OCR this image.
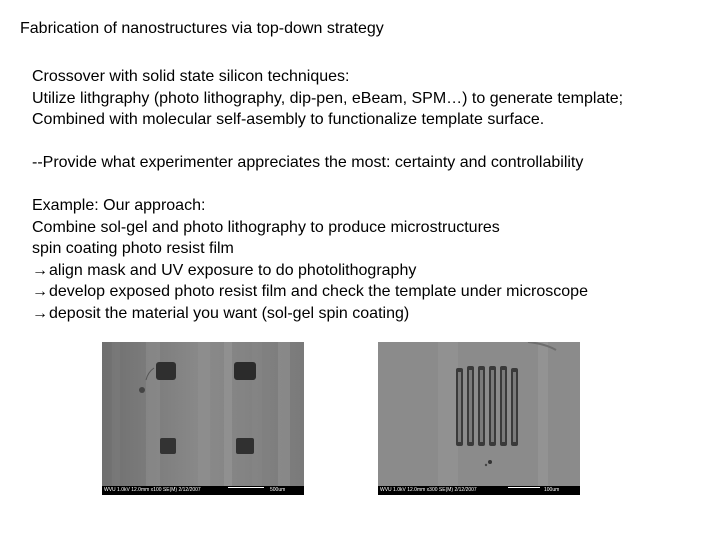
Fabrication of nanostructures via top-down strategy
Crossover with solid state silicon techniques:
Utilize lithgraphy (photo lithography, dip-pen, eBeam, SPM…) to generate template;
Combined with molecular self-asembly to functionalize template surface.
--Provide what experimenter appreciates the most: certainty and controllability
Example: Our approach:
Combine sol-gel and photo lithography to produce microstructures
spin coating photo resist film
→align mask and UV exposure to do photolithography
→develop exposed photo resist film and check the template under microscope
→deposit the material you want (sol-gel spin coating)
WVU 1.0kV 12.0mm x100 SE(M) 2/12/2007	500um	WVU 1.0kV 12.0mm x300 SE(M) 2/12/2007	100um
